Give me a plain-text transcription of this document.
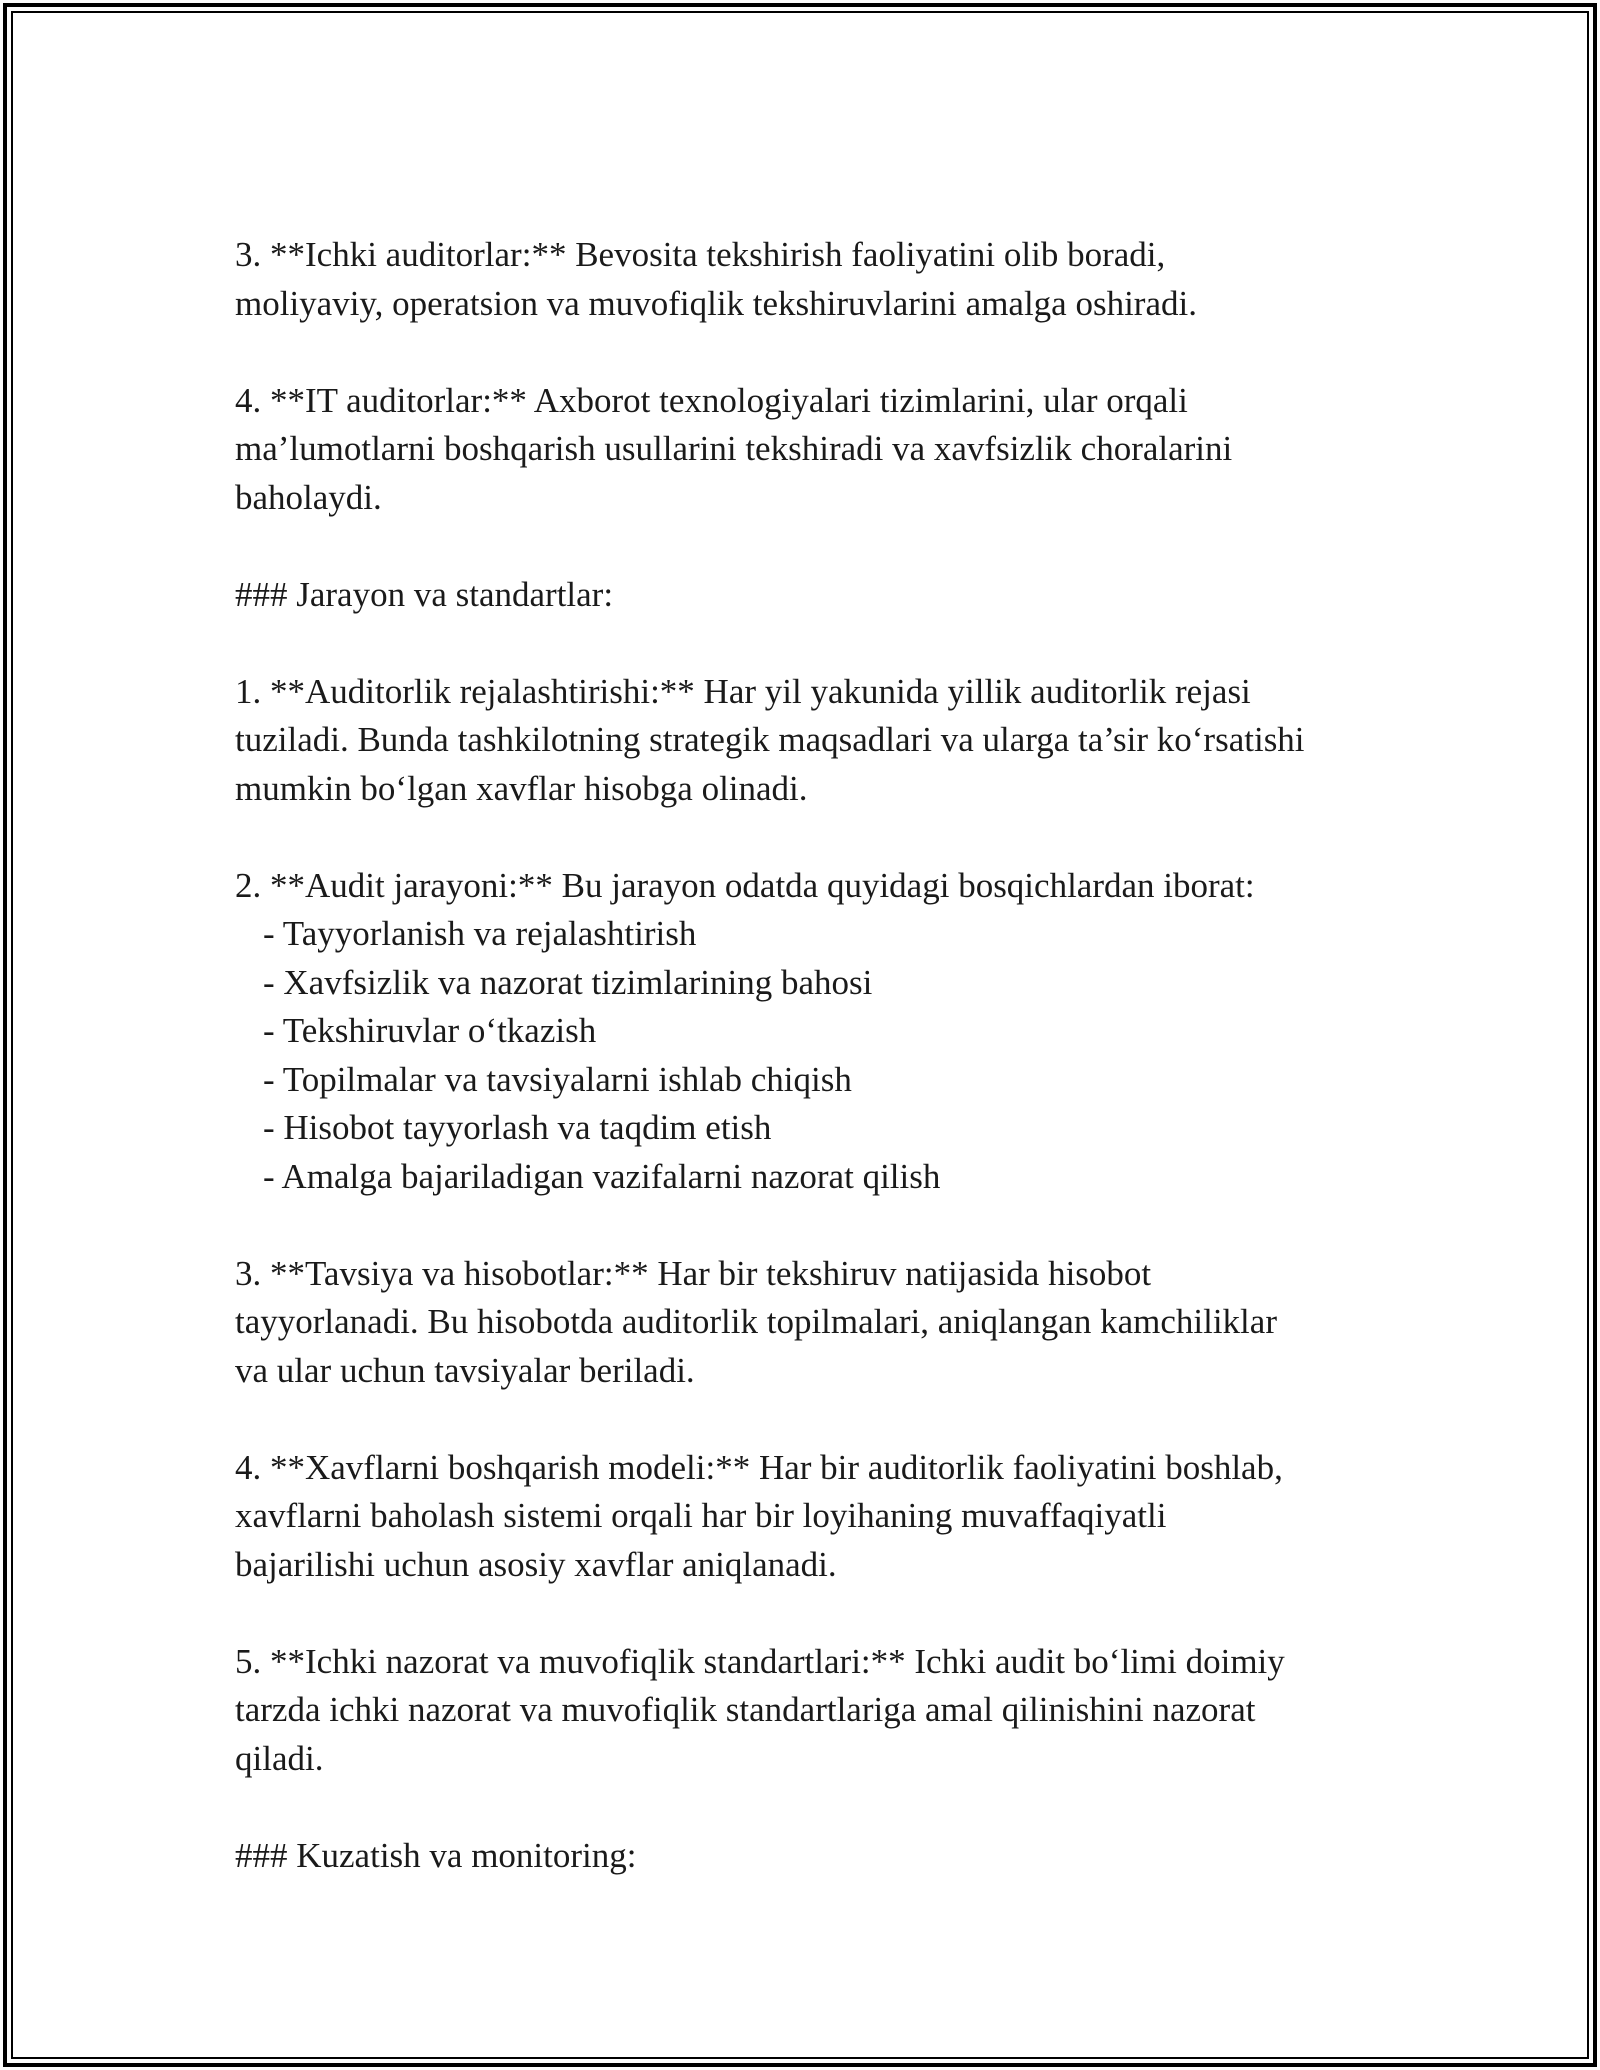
3. **Ichki auditorlar:** Bevosita tekshirish faoliyatini olib boradi,
moliyaviy, operatsion va muvofiqlik tekshiruvlarini amalga oshiradi.

4. **IT auditorlar:** Axborot texnologiyalari tizimlarini, ular orqali
ma’lumotlarni boshqarish usullarini tekshiradi va xavfsizlik choralarini
baholaydi.

### Jarayon va standartlar:

1. **Auditorlik rejalashtirishi:** Har yil yakunida yillik auditorlik rejasi
tuziladi. Bunda tashkilotning strategik maqsadlari va ularga ta’sir ko‘rsatishi
mumkin bo‘lgan xavflar hisobga olinadi.

2. **Audit jarayoni:** Bu jarayon odatda quyidagi bosqichlardan iborat:
- Tayyorlanish va rejalashtirish
- Xavfsizlik va nazorat tizimlarining bahosi
- Tekshiruvlar o‘tkazish
- Topilmalar va tavsiyalarni ishlab chiqish
- Hisobot tayyorlash va taqdim etish
- Amalga bajariladigan vazifalarni nazorat qilish

3. **Tavsiya va hisobotlar:** Har bir tekshiruv natijasida hisobot
tayyorlanadi. Bu hisobotda auditorlik topilmalari, aniqlangan kamchiliklar
va ular uchun tavsiyalar beriladi.

4. **Xavflarni boshqarish modeli:** Har bir auditorlik faoliyatini boshlab,
xavflarni baholash sistemi orqali har bir loyihaning muvaffaqiyatli
bajarilishi uchun asosiy xavflar aniqlanadi.

5. **Ichki nazorat va muvofiqlik standartlari:** Ichki audit bo‘limi doimiy
tarzda ichki nazorat va muvofiqlik standartlariga amal qilinishini nazorat
qiladi.

### Kuzatish va monitoring:
